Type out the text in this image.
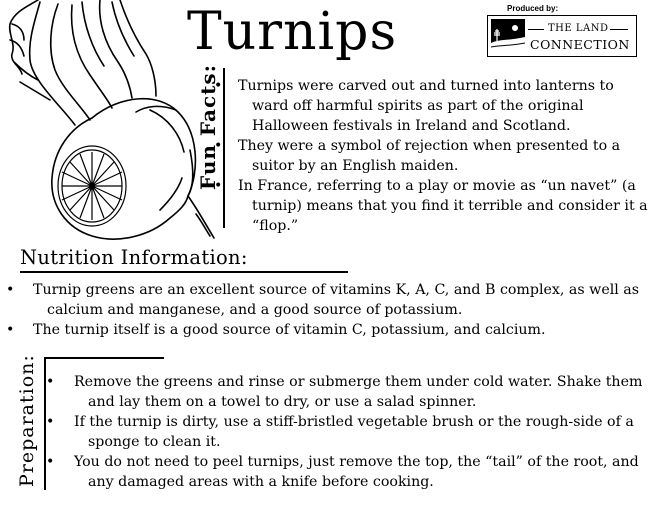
Turnips	Produced by:
THE LAND
CONNECTION
Fun Facts:	• Turnips were carved out and turned into lanterns to ward off harmful spirits as part of the original Halloween festivals in Ireland and Scotland.
• They were a symbol of rejection when presented to a suitor by an English maiden.
• In France, referring to a play or movie as “un navet” (a turnip) means that you find it terrible and consider it a “flop.”
Nutrition Information:
• Turnip greens are an excellent source of vitamins K, A, C, and B complex, as well as calcium and manganese, and a good source of potassium.
• The turnip itself is a good source of vitamin C, potassium, and calcium.
Preparation:	• Remove the greens and rinse or submerge them under cold water. Shake them and lay them on a towel to dry, or use a salad spinner.
• If the turnip is dirty, use a stiff-bristled vegetable brush or the rough-side of a sponge to clean it.
• You do not need to peel turnips, just remove the top, the “tail” of the root, and any damaged areas with a knife before cooking.
